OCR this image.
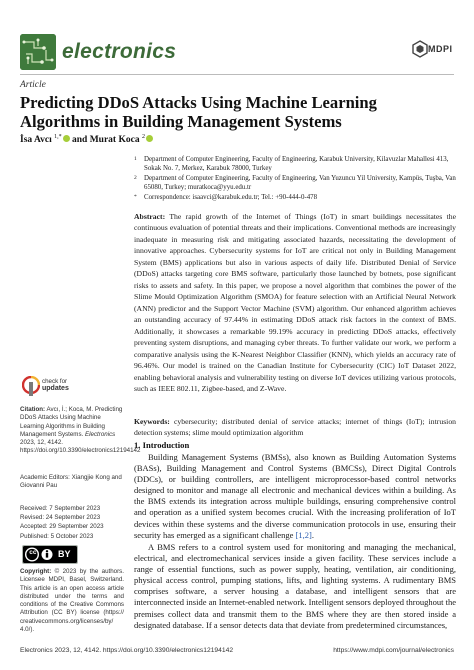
electronics	MDPI
Article
Predicting DDoS Attacks Using Machine Learning Algorithms in Building Management Systems
İsa Avcı $^{1,*}$ and Murat Koca $^2$
1 Department of Computer Engineering, Faculty of Engineering, Karabuk University, Kilavuzlar Mahallesi 413, Sokak No. 7, Merkez, Karabuk 78000, Turkey
2 Department of Computer Engineering, Faculty of Engineering, Van Yuzuncu Yil University, Kampüs, Tuşba, Van 65080, Turkey; muratkoca@yyu.edu.tr
* Correspondence: isaavci@karabuk.edu.tr; Tel.: +90-444-0-478
Abstract: The rapid growth of the Internet of Things (IoT) in smart buildings necessitates the continuous evaluation of potential threats and their implications. Conventional methods are increasingly inadequate in measuring risk and mitigating associated hazards, necessitating the development of innovative approaches. Cybersecurity systems for IoT are critical not only in Building Management System (BMS) applications but also in various aspects of daily life. Distributed Denial of Service (DDoS) attacks targeting core BMS software, particularly those launched by botnets, pose significant risks to assets and safety. In this paper, we propose a novel algorithm that combines the power of the Slime Mould Optimization Algorithm (SMOA) for feature selection with an Artificial Neural Network (ANN) predictor and the Support Vector Machine (SVM) algorithm. Our enhanced algorithm achieves an outstanding accuracy of 97.44% in estimating DDoS attack risk factors in the context of BMS. Additionally, it showcases a remarkable 99.19% accuracy in predicting DDoS attacks, effectively preventing system disruptions, and managing cyber threats. To further validate our work, we perform a comparative analysis using the K-Nearest Neighbor Classifier (KNN), which yields an accuracy rate of 96.46%. Our model is trained on the Canadian Institute for Cybersecurity (CIC) IoT Dataset 2022, enabling behavioral analysis and vulnerability testing on diverse IoT devices utilizing various protocols, such as IEEE 802.11, Zigbee-based, and Z-Wave.
Keywords: cybersecurity; distributed denial of service attacks; internet of things (IoT); intrusion detection systems; slime mould optimization algorithm
check for
updates
Citation: Avcı, İ.; Koca, M. Predicting DDoS Attacks Using Machine Learning Algorithms in Building Management Systems. Electronics 2023, 12, 4142. https://doi.org/10.3390/electronics12194142
Academic Editors: Xiangjie Kong and Giovanni Pau
Received: 7 September 2023
Revised: 24 September 2023
Accepted: 29 September 2023
Published: 5 October 2023
BY
cc
Copyright: © 2023 by the authors. Licensee MDPI, Basel, Switzerland. This article is an open access article distributed under the terms and conditions of the Creative Commons Attribution (CC BY) license (https:// creativecommons.org/licenses/by/ 4.0/).
1. Introduction
Building Management Systems (BMSs), also known as Building Automation Systems (BASs), Building Management and Control Systems (BMCSs), Direct Digital Controls (DDCs), or building controllers, are intelligent microprocessor-based control networks designed to monitor and manage all electronic and mechanical devices within a building. As the BMS extends its integration across multiple buildings, ensuring comprehensive control and operation as a unified system becomes crucial. With the increasing proliferation of IoT devices within these systems and the diverse communication protocols in use, ensuring their security has emerged as a significant challenge [1,2].
A BMS refers to a control system used for monitoring and managing the mechanical, electrical, and electromechanical services inside a given facility. These services include a range of essential functions, such as power supply, heating, ventilation, air conditioning, physical access control, pumping stations, lifts, and lighting systems. A rudimentary BMS comprises software, a server housing a database, and intelligent sensors that are interconnected inside an Internet-enabled network. Intelligent sensors deployed throughout the premises collect data and transmit them to the BMS where they are then stored inside a designated database. If a sensor detects data that deviate from predetermined circumstances,
Electronics 2023, 12, 4142. https://doi.org/10.3390/electronics12194142	https://www.mdpi.com/journal/electronics
